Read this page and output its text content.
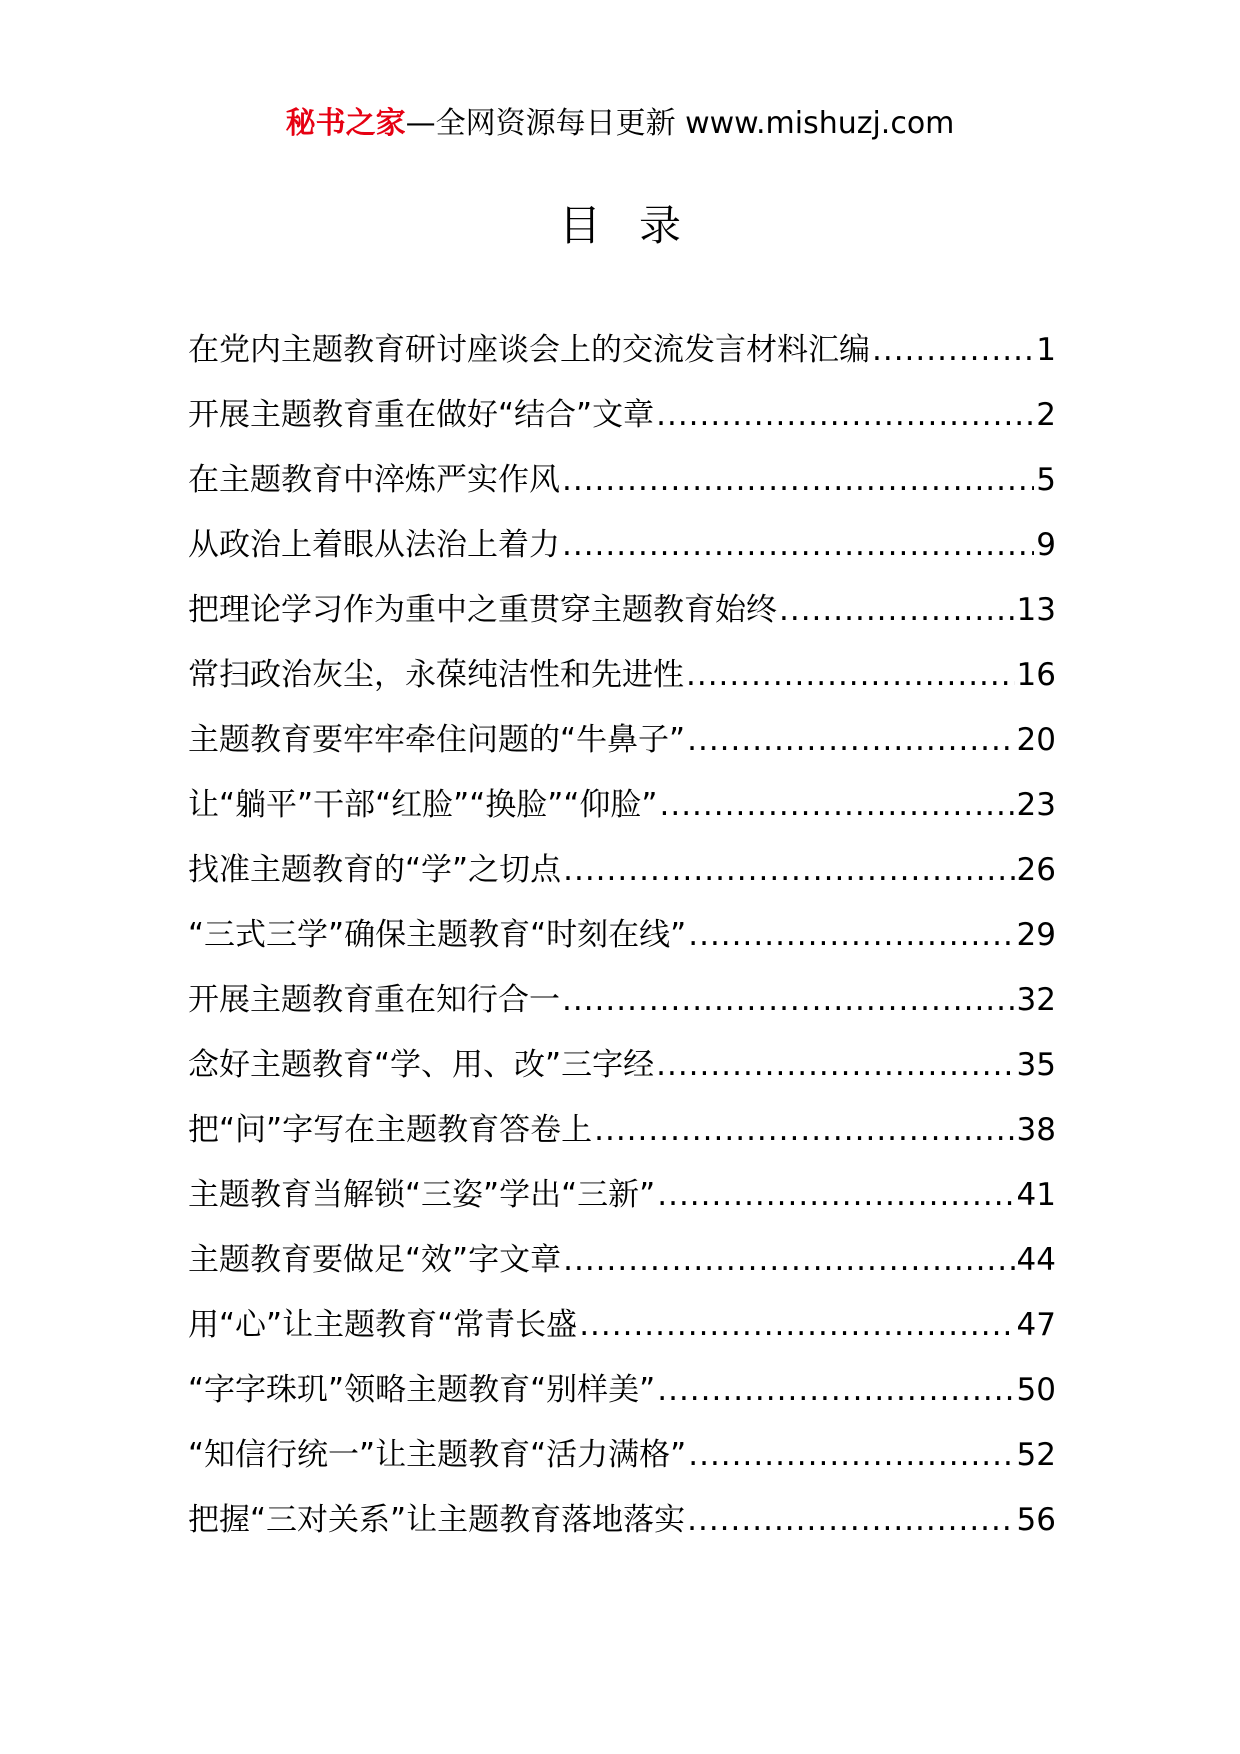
秘书之家—全网资源每日更新 www.mishuzj.com
目录
在党内主题教育研讨座谈会上的交流发言材料汇编 .....	1
开展主题教育重在做好“结合”文章 .....	2
在主题教育中淬炼严实作风 .....	5
从政治上着眼从法治上着力 .....	9
把理论学习作为重中之重贯穿主题教育始终 .....	13
常扫政治灰尘，永葆纯洁性和先进性 .....	16
主题教育要牢牢牵住问题的“牛鼻子” .....	20
让“躺平”干部“红脸”“换脸”“仰脸” .....	23
找准主题教育的“学”之切点 .....	26
“三式三学”确保主题教育“时刻在线” .....	29
开展主题教育重在知行合一 .....	32
念好主题教育“学、用、改”三字经 .....	35
把“问”字写在主题教育答卷上 .....	38
主题教育当解锁“三姿”学出“三新” .....	41
主题教育要做足“效”字文章 .....	44
用“心”让主题教育“常青长盛 .....	47
“字字珠玑”领略主题教育“别样美” .....	50
“知信行统一”让主题教育“活力满格” .....	52
把握“三对关系”让主题教育落地落实 .....	56
